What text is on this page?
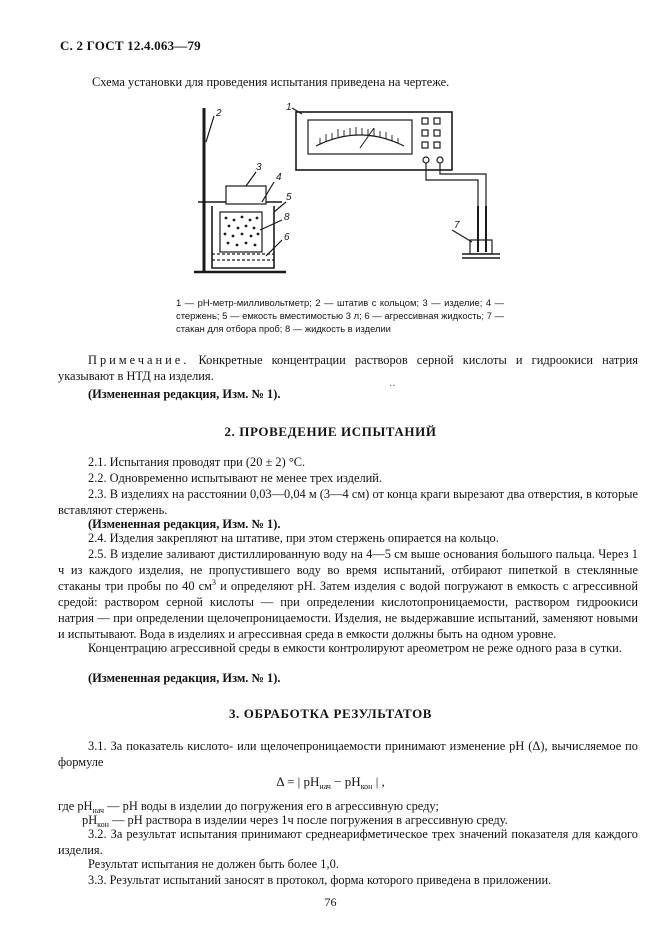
С. 2 ГОСТ 12.4.063—79
Схема установки для проведения испытания приведена на чертеже.
2
1
3
4
5
8
6
7
1 — pH-метр-милливольтметр; 2 — штатив с кольцом; 3 — изделие; 4 — стержень; 5 — емкость вместимостью 3 л; 6 — агрессивная жидкость; 7 — стакан для отбора проб; 8 — жидкость в изделии
Примечание. Конкретные концентрации растворов серной кислоты и гидроокиси натрия указывают в НТД на изделия.
‥
(Измененная редакция, Изм. № 1).
2. ПРОВЕДЕНИЕ ИСПЫТАНИЙ
2.1. Испытания проводят при (20 ± 2) °С.
2.2. Одновременно испытывают не менее трех изделий.
2.3. В изделиях на расстоянии 0,03—0,04 м (3—4 см) от конца краги вырезают два отверстия, в которые вставляют стержень.
(Измененная редакция, Изм. № 1).
2.4. Изделия закрепляют на штативе, при этом стержень опирается на кольцо.
2.5. В изделие заливают дистиллированную воду на 4—5 см выше основания большого пальца. Через 1 ч из каждого изделия, не пропустившего воду во время испытаний, отбирают пипеткой в стеклянные стаканы три пробы по 40 $см^3$ и определяют рН. Затем изделия с водой погружают в емкость с агрессивной средой: раствором серной кислоты — при определении кислотопроницаемости, раствором гидроокиси натрия — при определении щелочепроницаемости. Изделия, не выдержавшие испытаний, заменяют новыми и испытывают. Вода в изделиях и агрессивная среда в емкости должны быть на одном уровне.
Концентрацию агрессивной среды в емкости контролируют ареометром не реже одного раза в сутки.
(Измененная редакция, Изм. № 1).
3. ОБРАБОТКА РЕЗУЛЬТАТОВ
3.1. За показатель кислото- или щелочепроницаемости принимают изменение рН (Δ), вычисляемое по формуле
Δ = | $pH_{нач} - pH_{кон}$ | ,
где $рН_{нач}$ — рН воды в изделии до погружения его в агрессивную среду;
$рН_{кон}$ — рН раствора в изделии через 1ч после погружения в агрессивную среду.
3.2. За результат испытания принимают среднеарифметическое трех значений показателя для каждого изделия.
Результат испытания не должен быть более 1,0.
3.3. Результат испытаний заносят в протокол, форма которого приведена в приложении.
76
